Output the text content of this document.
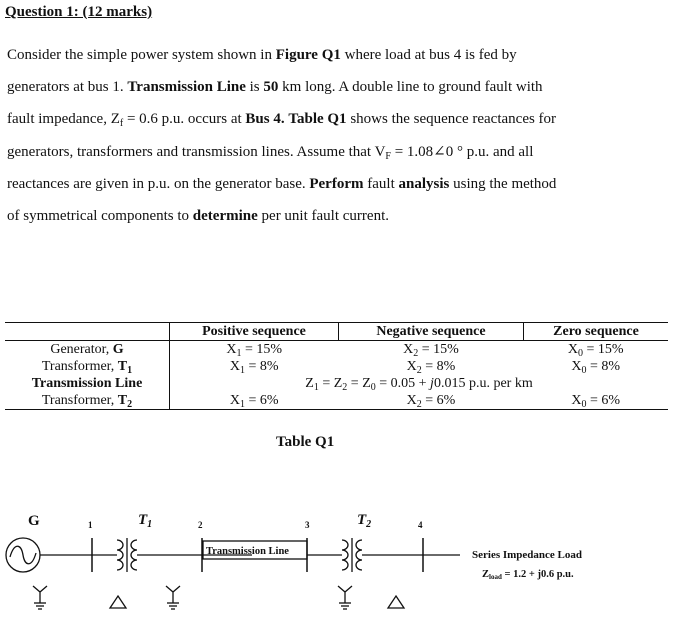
Question 1: (12 marks)
Consider the simple power system shown in Figure Q1 where load at bus 4 is fed by
generators at bus 1. Transmission Line is 50 km long. A double line to ground fault with
fault impedance, $Z_f = 0.6$ p.u. occurs at Bus 4. Table Q1 shows the sequence reactances for
generators, transformers and transmission lines. Assume that $V_F$ = 1.08∠0 ° p.u. and all
reactances are given in p.u. on the generator base. Perform fault analysis using the method
of symmetrical components to determine per unit fault current.
	Positive sequence	Negative sequence	Zero sequence
Generator, G	$X_1 = 15\%$	$X_2 = 15\%$	$X_0 = 15\%$
Transformer, $T_1$	$X_1 = 8\%$	$X_2 = 8\%$	$X_0 = 8\%$
Transmission Line	$Z_1 = Z_2 = Z_0 = 0.05 + j0.015$ p.u. per km		
Transformer, $T_2$	$X_1 = 6\%$	$X_2 = 6\%$	$X_0 = 6\%$
Table Q1
G	$T_1$	$T_2$
1	2	3	4
Transmission Line	Series Impedance Load
Zload = 1.2 + j0.6 p.u.
